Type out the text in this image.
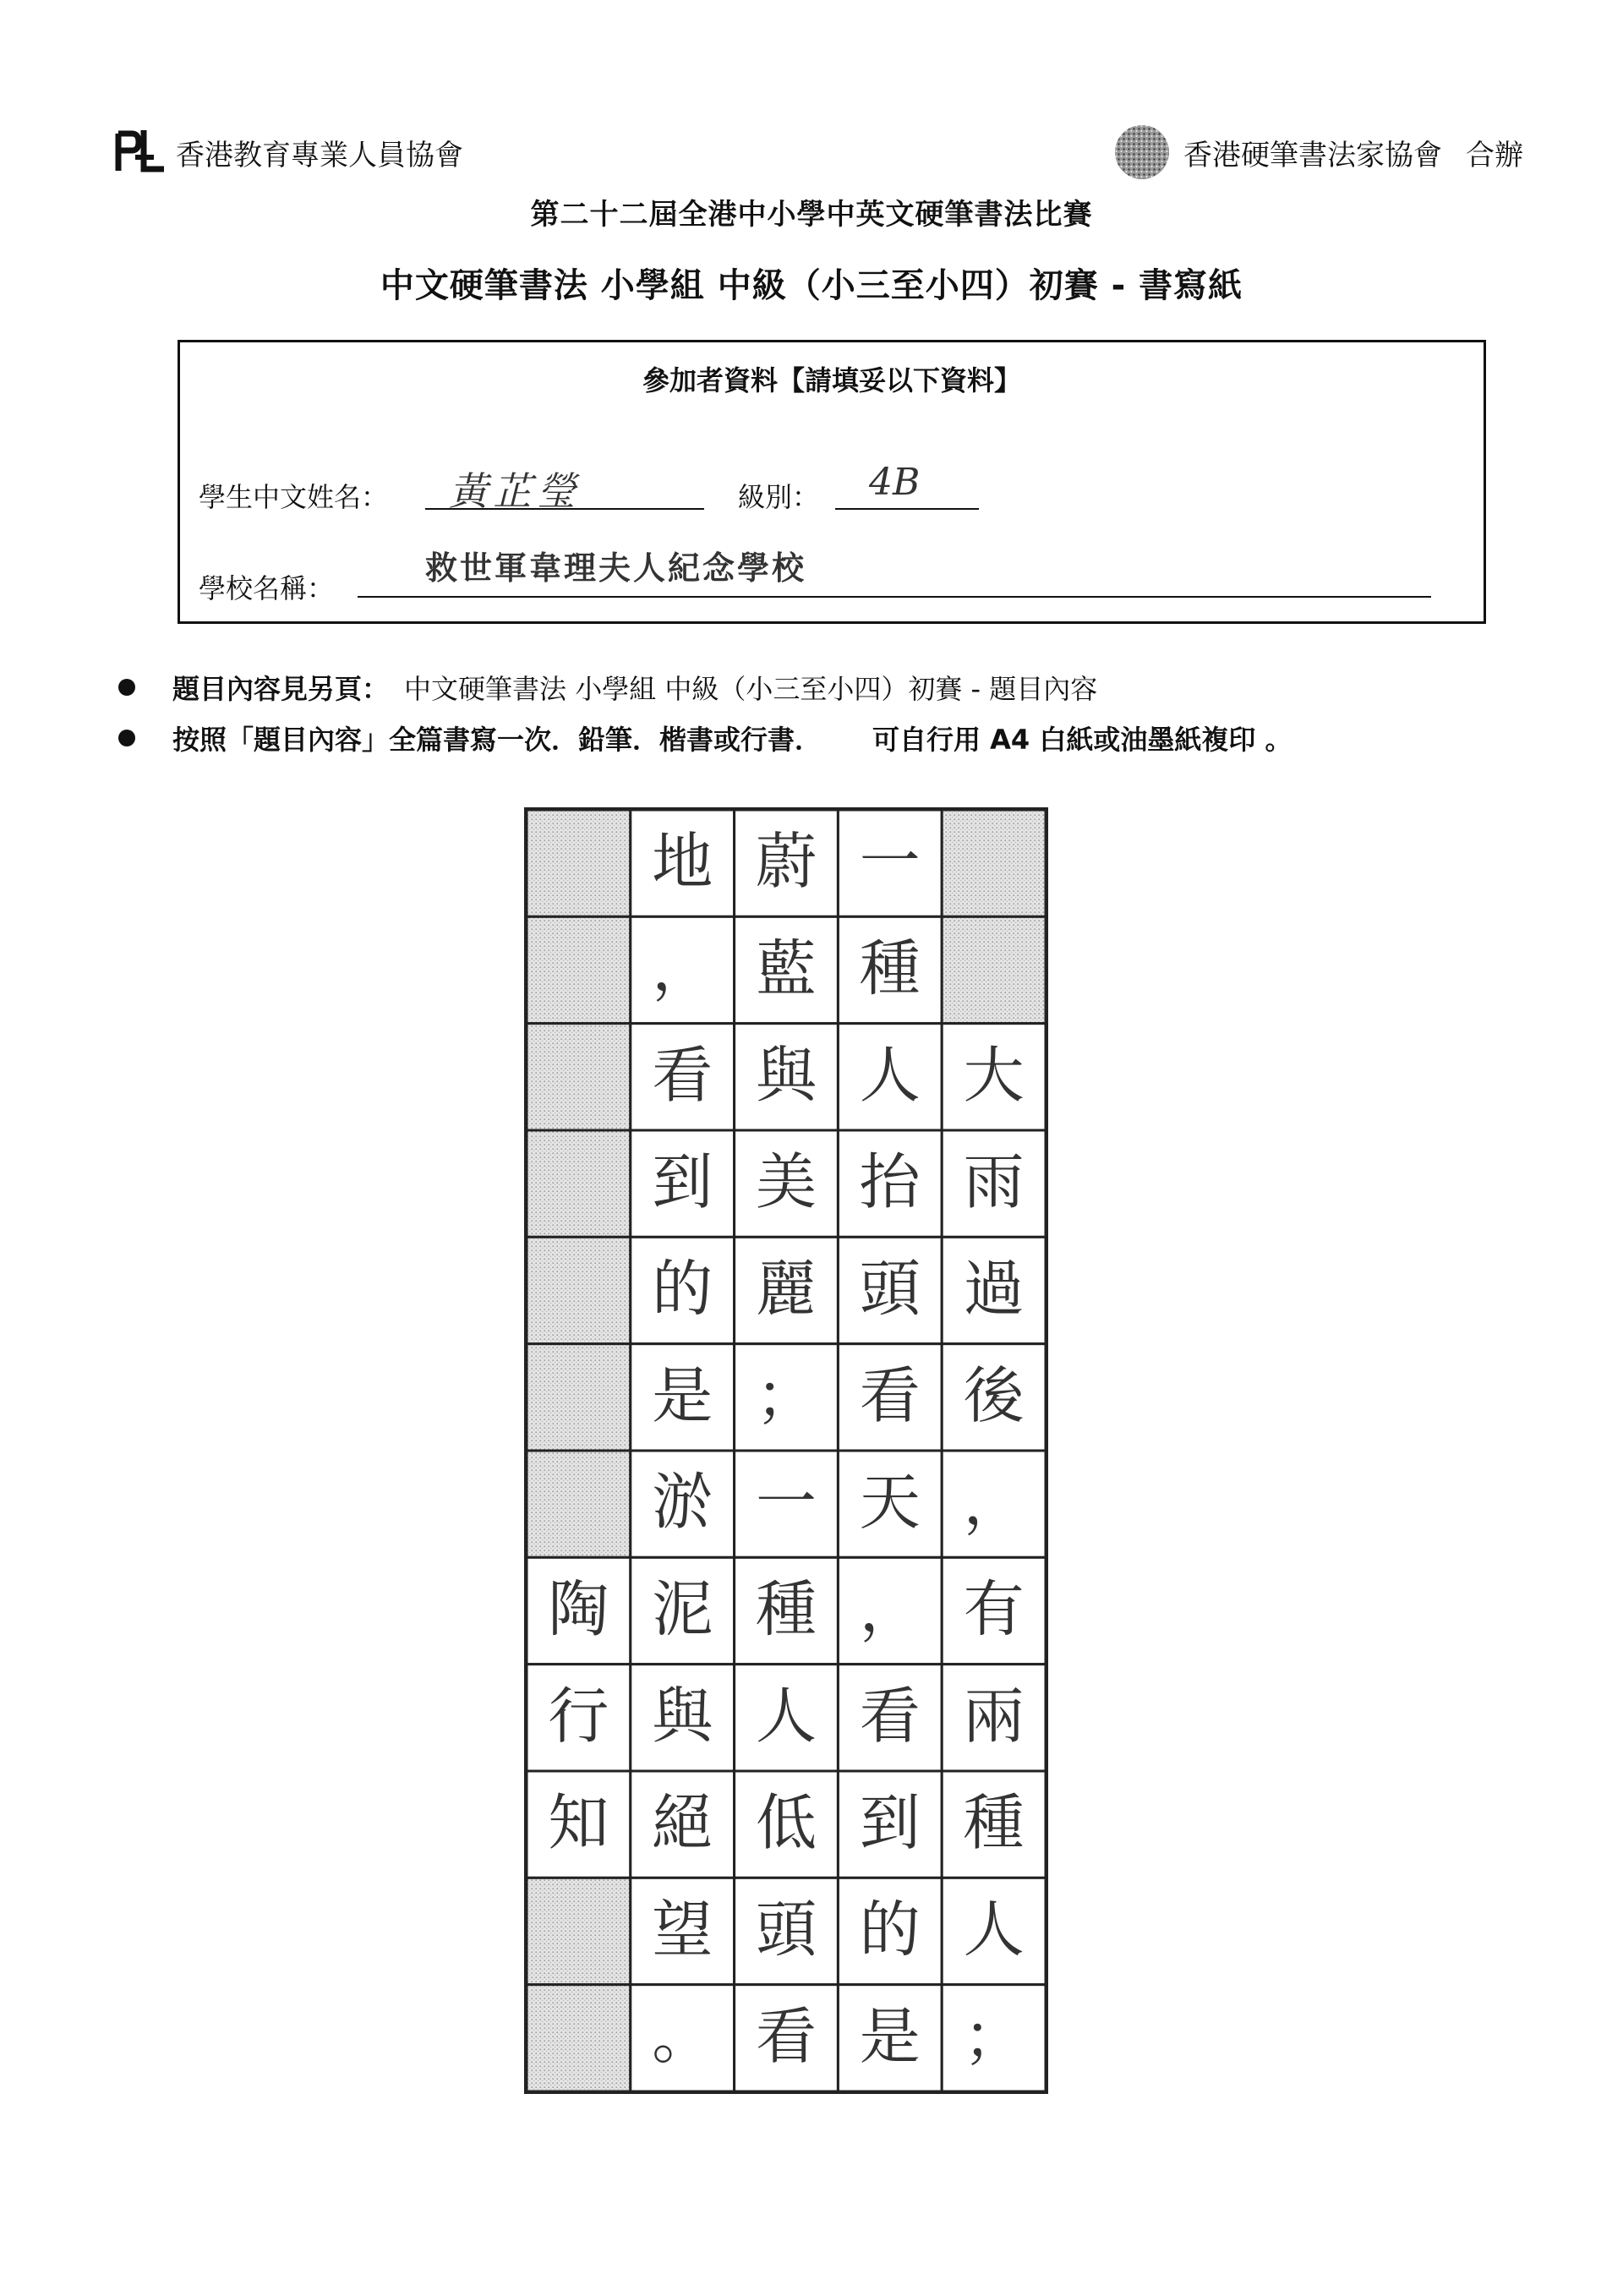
香港教育專業人員協會	香港硬筆書法家協會 合辦
第二十二屆全港中小學中英文硬筆書法比賽
中文硬筆書法 小學組 中級（小三至小四）初賽 - 書寫紙
參加者資料【請填妥以下資料】
學生中文姓名： 黃芷瑩	級別： 4B
學校名稱：
救世軍韋理夫人紀念學校
題目內容見另頁： 中文硬筆書法 小學組 中級（小三至小四）初賽 - 題目內容
按照「題目內容」全篇書寫一次．鉛筆．楷書或行書． 可自行用 A4 白紙或油墨紙複印 。
地 蔚 一
， 藍 種
看 與 人 大
到 美 抬 雨
的 麗 頭 過
是 ； 看 後
淤 一 天 ，
陶 泥 種 ， 有
行 與 人 看 兩
知 絕 低 到 種
望 頭 的 人
。 看 是 ；
